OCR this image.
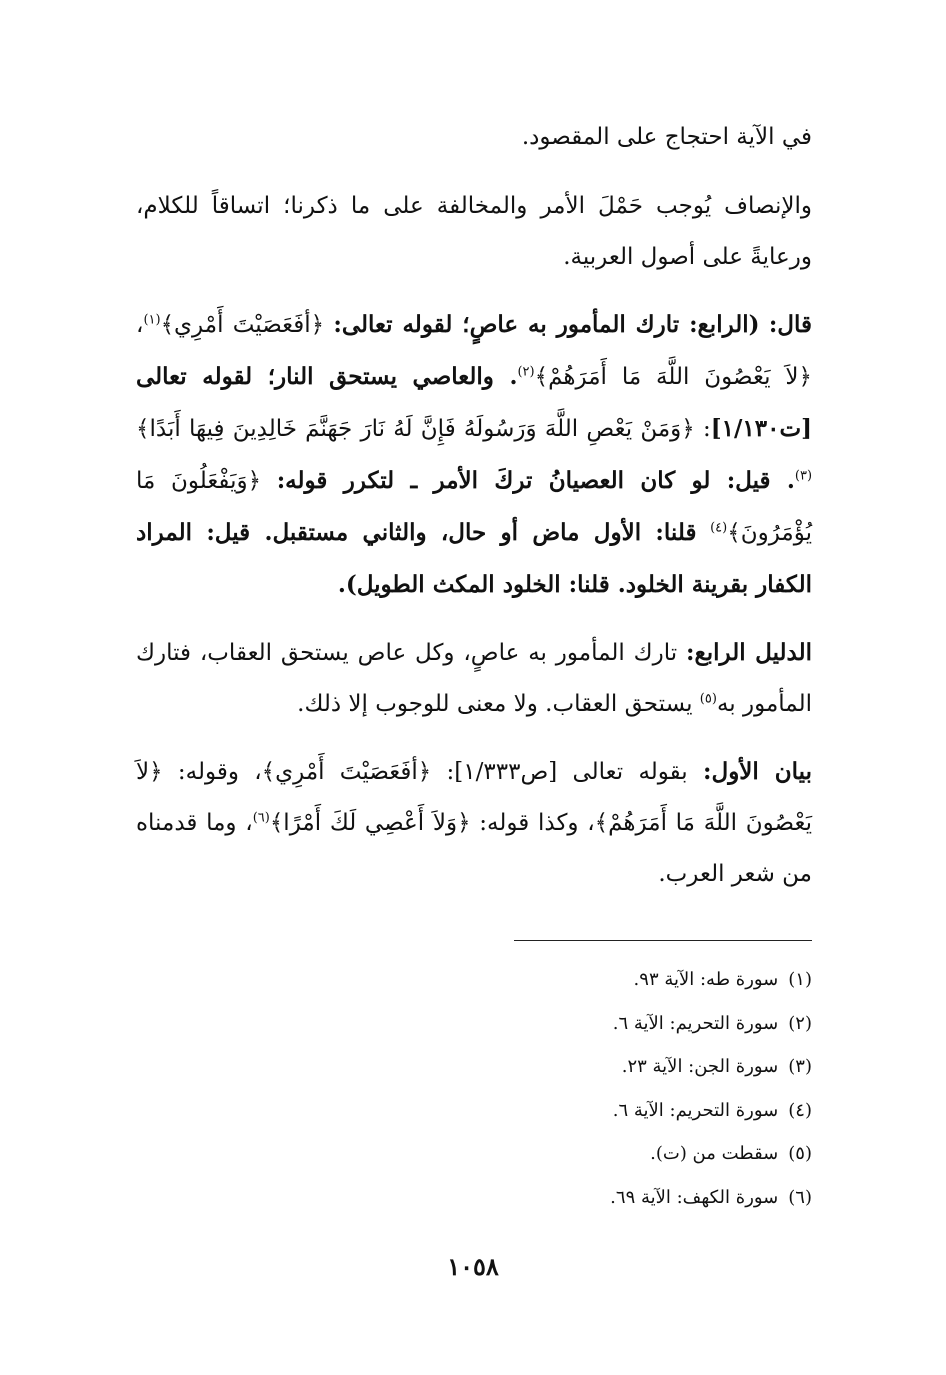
في الآية احتجاج على المقصود.

والإنصاف يُوجب حَمْلَ الأمر والمخالفة على ما ذكرنا؛ اتساقاً للكلام، ورعايةً على أصول العربية.

قال: (الرابع: تارك المأمور به عاصٍ؛ لقوله تعالى: ﴿أفَعَصَيْتَ أَمْرِي﴾$^{(١)}$، ﴿لاَ يَعْصُونَ اللَّهَ مَا أَمَرَهُمْ﴾$^{(٢)}$. والعاصي يستحق النار؛ لقوله تعالى [ت١/١٣٠]: ﴿وَمَنْ يَعْصِ اللَّهَ وَرَسُولَهُ فَإِنَّ لَهُ نَارَ جَهَنَّمَ خَالِدِينَ فِيهَا أَبَدًا﴾$^{(٣)}$. قيل: لو كان العصيانُ تركَ الأمر ـ لتكرر قوله: ﴿وَيَفْعَلُونَ مَا يُؤْمَرُونَ﴾$^{(٤)}$ قلنا: الأول ماض أو حال، والثاني مستقبل. قيل: المراد الكفار بقرينة الخلود. قلنا: الخلود المكث الطويل).

الدليل الرابع: تارك المأمور به عاصٍ، وكل عاص يستحق العقاب، فتارك المأمور به$^{(٥)}$ يستحق العقاب. ولا معنى للوجوب إلا ذلك.

بيان الأول: بقوله تعالى [ص١/٣٣٣]: ﴿أفَعَصَيْتَ أَمْرِي﴾، وقوله: ﴿لاَ يَعْصُونَ اللَّهَ مَا أَمَرَهُمْ﴾، وكذا قوله: ﴿وَلاَ أَعْصِي لَكَ أَمْرًا﴾$^{(٦)}$، وما قدمناه من شعر العرب.

(١)سورة طه: الآية ٩٣.
(٢)سورة التحريم: الآية ٦.
(٣)سورة الجن: الآية ٢٣.
(٤)سورة التحريم: الآية ٦.
(٥)سقطت من (ت).
(٦)سورة الكهف: الآية ٦٩.
١٠٥٨
